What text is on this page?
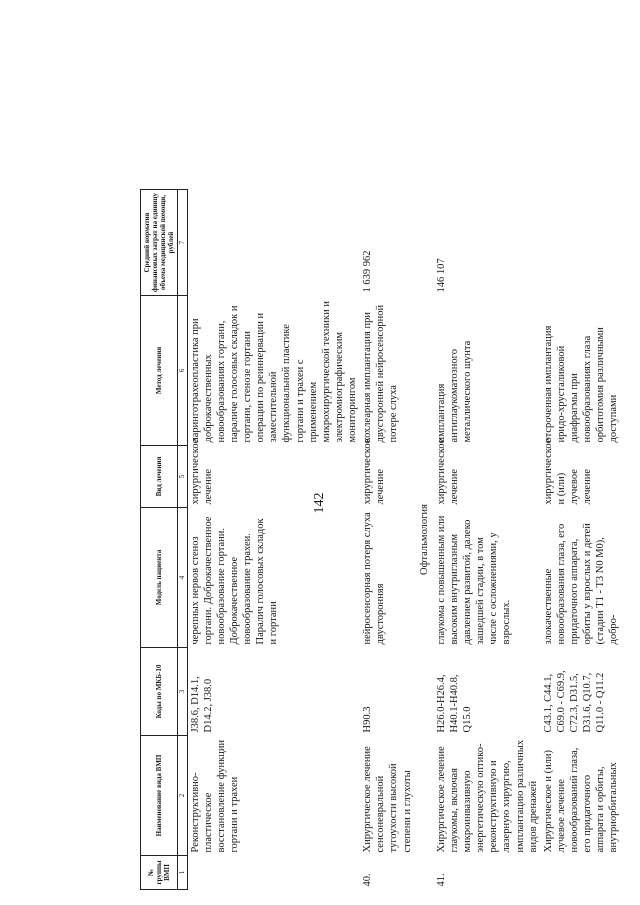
142
№ группы ВМП	Наименование вида ВМП	Коды по МКБ-10	Модель пациента	Вид лечения	Метод лечения	Средний норматив финансовых затрат на единицу объема медицинской помощи, рублей
1	2	3	4	5	6	7
	Реконструктивно-пластическое восстановление функции гортани и трахеи	J38.6, D14.1, D14.2, J38.0	черепных нервов стеноз гортани. Доброкачественное новообразование гортани. Доброкачественное новообразование трахеи. Паралич голосовых складок и гортани	хирургическое лечение	ларинготрахеопластика при доброкачественных новообразованиях гортани, параличе голосовых складок и гортани, стенозе гортани операции по реиннервации и заместительной функциональной пластике гортани и трахеи с применением микрохирургической техники и электромиографическим мониторингом	
40.	Хирургическое лечение сенсоневральной тугоухости высокой степени и глухоты	H90.3	нейросенсорная потеря слуха двусторонняя	хирургическое лечение	кохлеарная имплантация при двусторонней нейросенсорной потере слуха	1 639 962
Офтальмология						
41.	Хирургическое лечение глаукомы, включая микроинвазивную энергетическую оптико-реконструктивную и лазерную хирургию, имплантацию различных видов дренажей	H26.0-H26.4, H40.1-H40.8, Q15.0	глаукома с повышенным или высоким внутриглазным давлением развитой, далеко зашедшей стадии, в том числе с осложнениями, у взрослых.	хирургическое лечение	имплантация антиглаукоматозного металлического шунта	146 107
	Хирургическое и (или) лучевое лечение новообразований глаза, его придаточного аппарата и орбиты, внутриорбитальных	C43.1, C44.1, C69.0 - C69.9, C72.3, D31.5, D31.6, Q10.7, Q11.0 - Q11.2	злокачественные новообразования глаза, его придаточного аппарата, орбиты у взрослых и детей (стадии T1 - T3 N0 M0), добро-	хирургическое и (или) лучевое лечение	отсроченная имплантация иридо-хрусталиковой диафрагмы при новообразованиях глаза орбитотомия различными доступами	
